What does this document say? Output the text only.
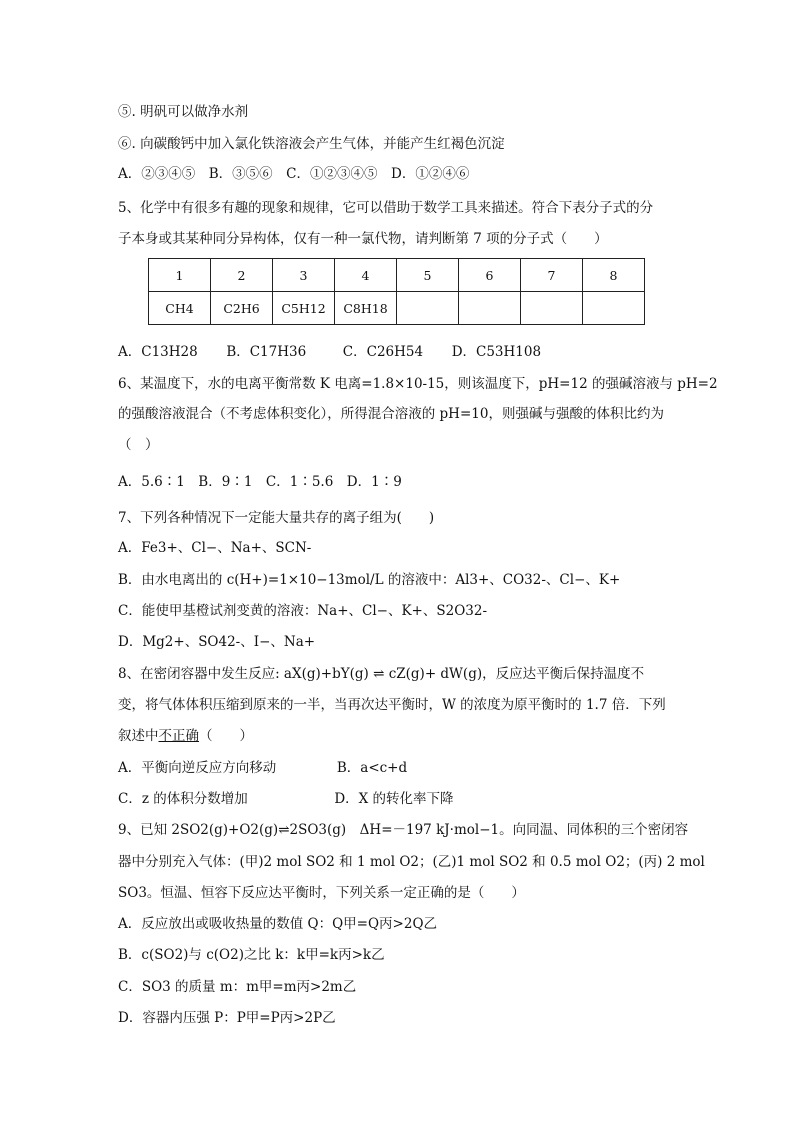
⑤. 明矾可以做净水剂
⑥. 向碳酸钙中加入氯化铁溶液会产生气体，并能产生红褐色沉淀
A．②③④⑤　B．③⑤⑥　C．①②③④⑤　D．①②④⑥
5、化学中有很多有趣的现象和规律，它可以借助于数学工具来描述。符合下表分子式的分
子本身或其某种同分异构体，仅有一种一氯代物，请判断第 7 项的分子式（　　）
1	2	3	4	5	6	7	8
CH4	C2H6	C5H12	C8H18				
A．C13H28 B．C17H36	C．C26H54 D．C53H108
6、某温度下，水的电离平衡常数 K 电离=1.8×10-15，则该温度下，pH=12 的强碱溶液与 pH=2
的强酸溶液混合（不考虑体积变化），所得混合溶液的 pH=10，则强碱与强酸的体积比约为
（　）
A．5.6∶1　B．9∶1　C．1∶5.6　D．1∶9
7、下列各种情况下一定能大量共存的离子组为(　　)
A．Fe3+、Cl−、Na+、SCN-
B．由水电离出的 c(H+)=1×10−13mol/L 的溶液中：Al3+、CO32-、Cl−、K+
C．能使甲基橙试剂变黄的溶液：Na+、Cl−、K+、S2O32-
D．Mg2+、SO42-、I−、Na+
8、在密闭容器中发生反应: aX(g)+bY(g) ⇌ cZ(g)+ dW(g)，反应达平衡后保持温度不
变，将气体体积压缩到原来的一半，当再次达平衡时，W 的浓度为原平衡时的 1.7 倍．下列
叙述中不正确（　　）
A．平衡向逆反应方向移动	B．a<c+d
C．z 的体积分数增加	D．X 的转化率下降
9、已知 2SO2(g)+O2(g)⇌2SO3(g)　ΔH=－197 kJ·mol−1。向同温、同体积的三个密闭容
器中分别充入气体：(甲)2 mol SO2 和 1 mol O2；(乙)1 mol SO2 和 0.5 mol O2；(丙) 2 mol
SO3。恒温、恒容下反应达平衡时，下列关系一定正确的是（　　）
A．反应放出或吸收热量的数值 Q：Q甲=Q丙>2Q乙
B．c(SO2)与 c(O2)之比 k：k甲=k丙>k乙
C．SO3 的质量 m：m甲=m丙>2m乙
D．容器内压强 P：P甲=P丙>2P乙
